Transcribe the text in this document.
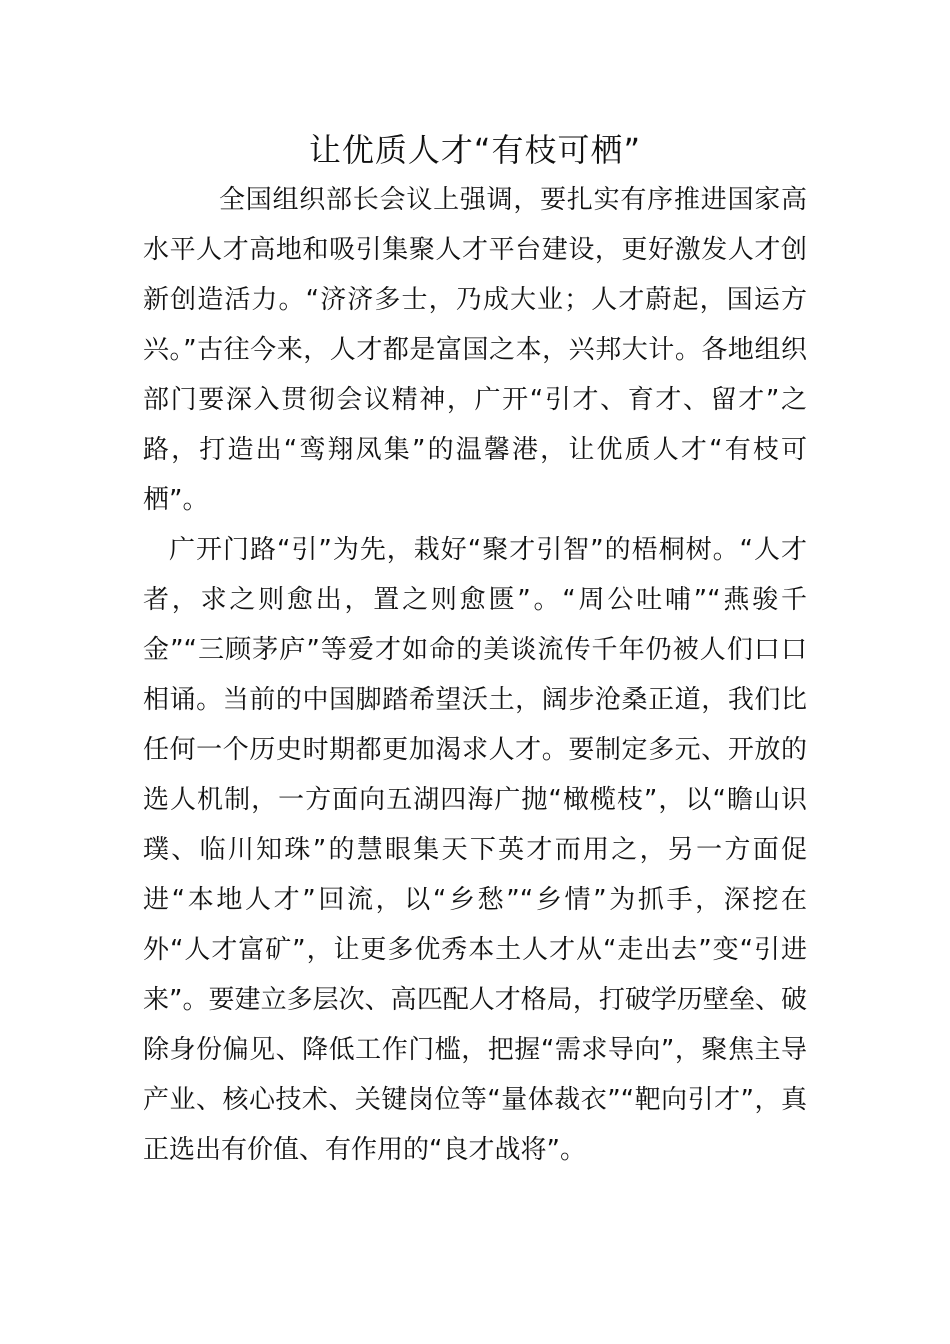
让优质人才“有枝可栖”

全国组织部长会议上强调，要扎实有序推进国家高水平人才高地和吸引集聚人才平台建设，更好激发人才创新创造活力。“济济多士，乃成大业；人才蔚起，国运方兴。”古往今来，人才都是富国之本，兴邦大计。各地组织部门要深入贯彻会议精神，广开“引才、育才、留才”之路，打造出“鸾翔凤集”的温馨港，让优质人才“有枝可栖”。

广开门路“引”为先，栽好“聚才引智”的梧桐树。“人才者，求之则愈出，置之则愈匮”。“周公吐哺”“燕骏千金”“三顾茅庐”等爱才如命的美谈流传千年仍被人们口口相诵。当前的中国脚踏希望沃土，阔步沧桑正道，我们比任何一个历史时期都更加渴求人才。要制定多元、开放的选人机制，一方面向五湖四海广抛“橄榄枝”，以“瞻山识璞、临川知珠”的慧眼集天下英才而用之，另一方面促进“本地人才”回流，以“乡愁”“乡情”为抓手，深挖在外“人才富矿”，让更多优秀本土人才从“走出去”变“引进来”。要建立多层次、高匹配人才格局，打破学历壁垒、破除身份偏见、降低工作门槛，把握“需求导向”，聚焦主导产业、核心技术、关键岗位等“量体裁衣”“靶向引才”，真正选出有价值、有作用的“良才战将”。
